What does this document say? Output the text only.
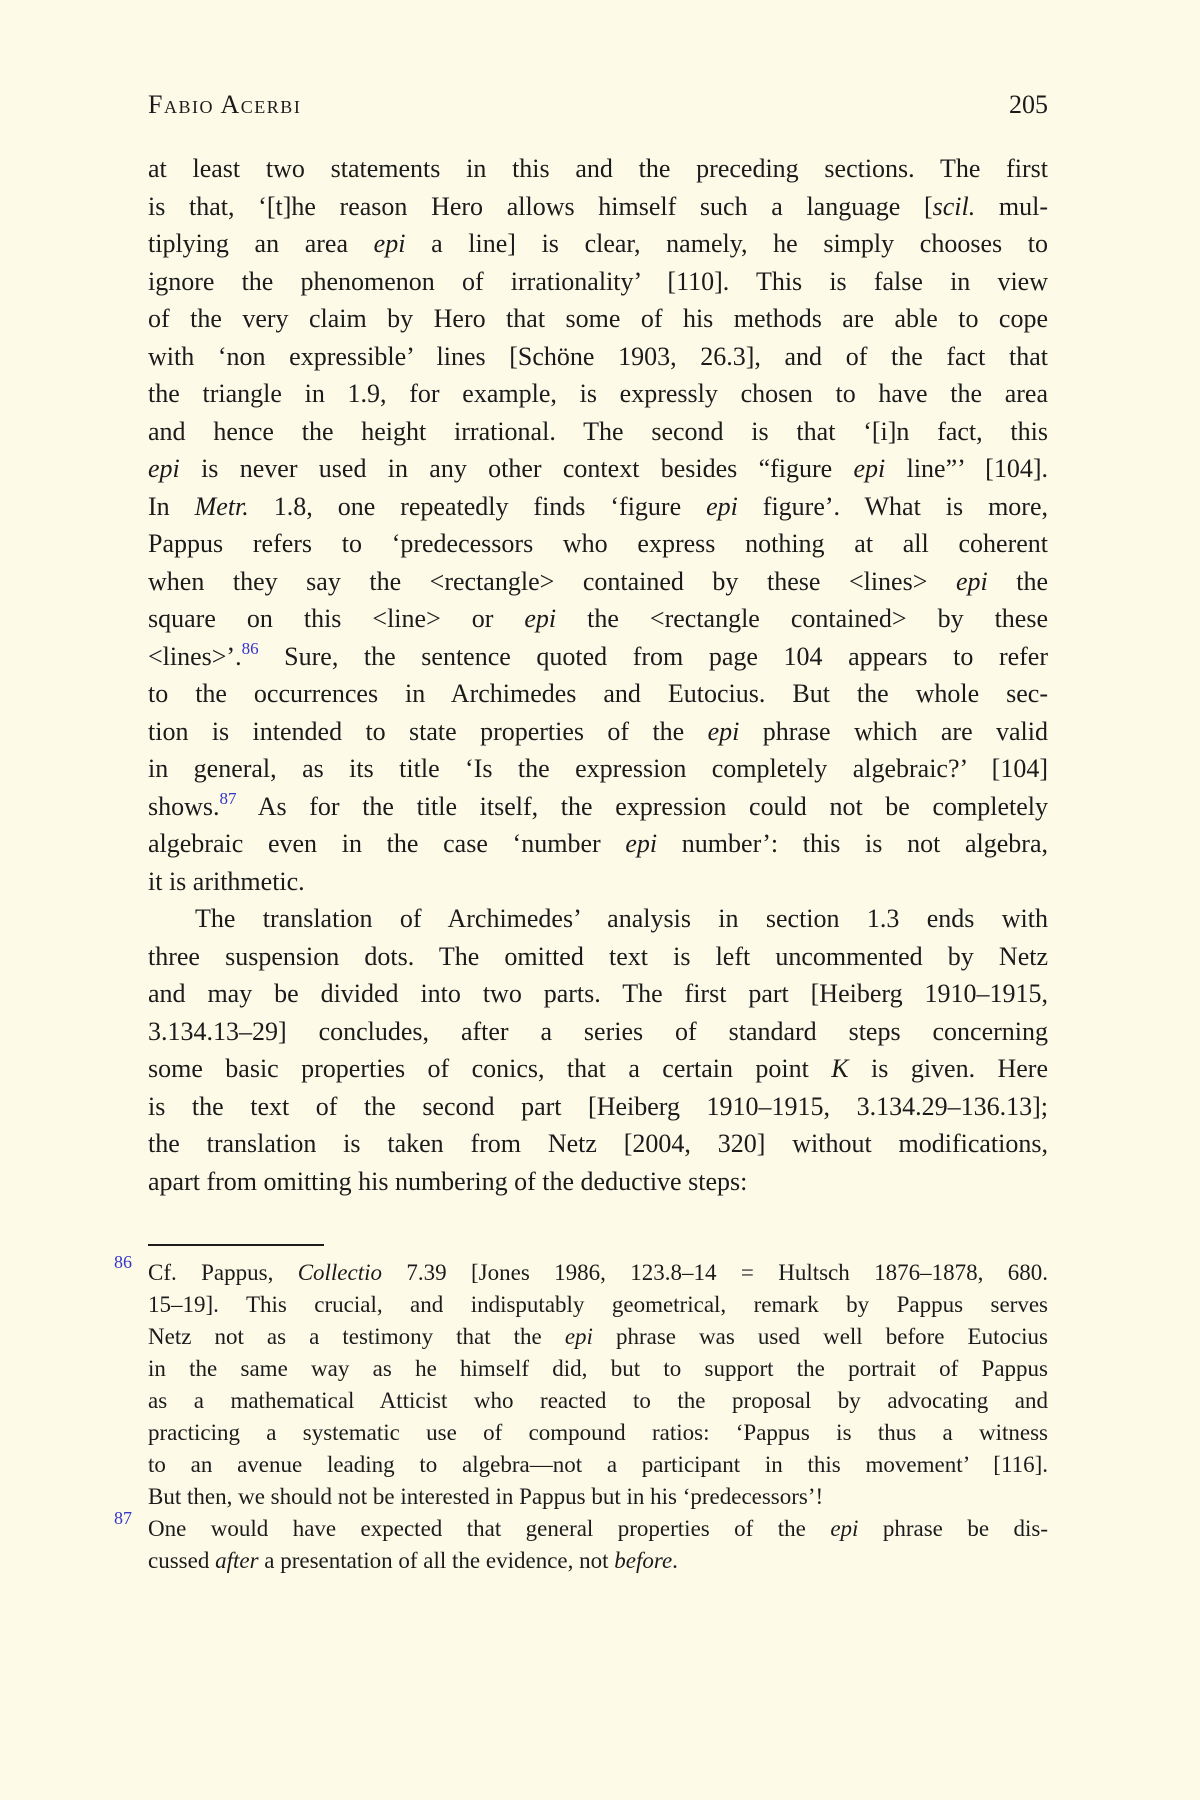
Fabio Acerbi	205
at least two statements in this and the preceding sections. The first
is that, ‘[t]he reason Hero allows himself such a language [scil. mul-
tiplying an area epi a line] is clear, namely, he simply chooses to
ignore the phenomenon of irrationality’ [110]. This is false in view
of the very claim by Hero that some of his methods are able to cope
with ‘non expressible’ lines [Schöne 1903, 26.3], and of the fact that
the triangle in 1.9, for example, is expressly chosen to have the area
and hence the height irrational. The second is that ‘[i]n fact, this
epi is never used in any other context besides “figure epi line”’ [104].
In Metr. 1.8, one repeatedly finds ‘figure epi figure’. What is more,
Pappus refers to ‘predecessors who express nothing at all coherent
when they say the <rectangle> contained by these <lines> epi the
square on this <line> or epi the <rectangle contained> by these
<lines>’.$^{86}$ Sure, the sentence quoted from page 104 appears to refer
to the occurrences in Archimedes and Eutocius. But the whole sec-
tion is intended to state properties of the epi phrase which are valid
in general, as its title ‘Is the expression completely algebraic?’ [104]
shows.$^{87}$ As for the title itself, the expression could not be completely
algebraic even in the case ‘number epi number’: this is not algebra,
it is arithmetic.
The translation of Archimedes’ analysis in section 1.3 ends with
three suspension dots. The omitted text is left uncommented by Netz
and may be divided into two parts. The first part [Heiberg 1910–1915,
3.134.13–29] concludes, after a series of standard steps concerning
some basic properties of conics, that a certain point K is given. Here
is the text of the second part [Heiberg 1910–1915, 3.134.29–136.13];
the translation is taken from Netz [2004, 320] without modifications,
apart from omitting his numbering of the deductive steps:
86 Cf. Pappus, Collectio 7.39 [Jones 1986, 123.8–14 = Hultsch 1876–1878, 680.
15–19]. This crucial, and indisputably geometrical, remark by Pappus serves
Netz not as a testimony that the epi phrase was used well before Eutocius
in the same way as he himself did, but to support the portrait of Pappus
as a mathematical Atticist who reacted to the proposal by advocating and
practicing a systematic use of compound ratios: ‘Pappus is thus a witness
to an avenue leading to algebra—not a participant in this movement’ [116].
But then, we should not be interested in Pappus but in his ‘predecessors’!
87 One would have expected that general properties of the epi phrase be dis-
cussed after a presentation of all the evidence, not before.
